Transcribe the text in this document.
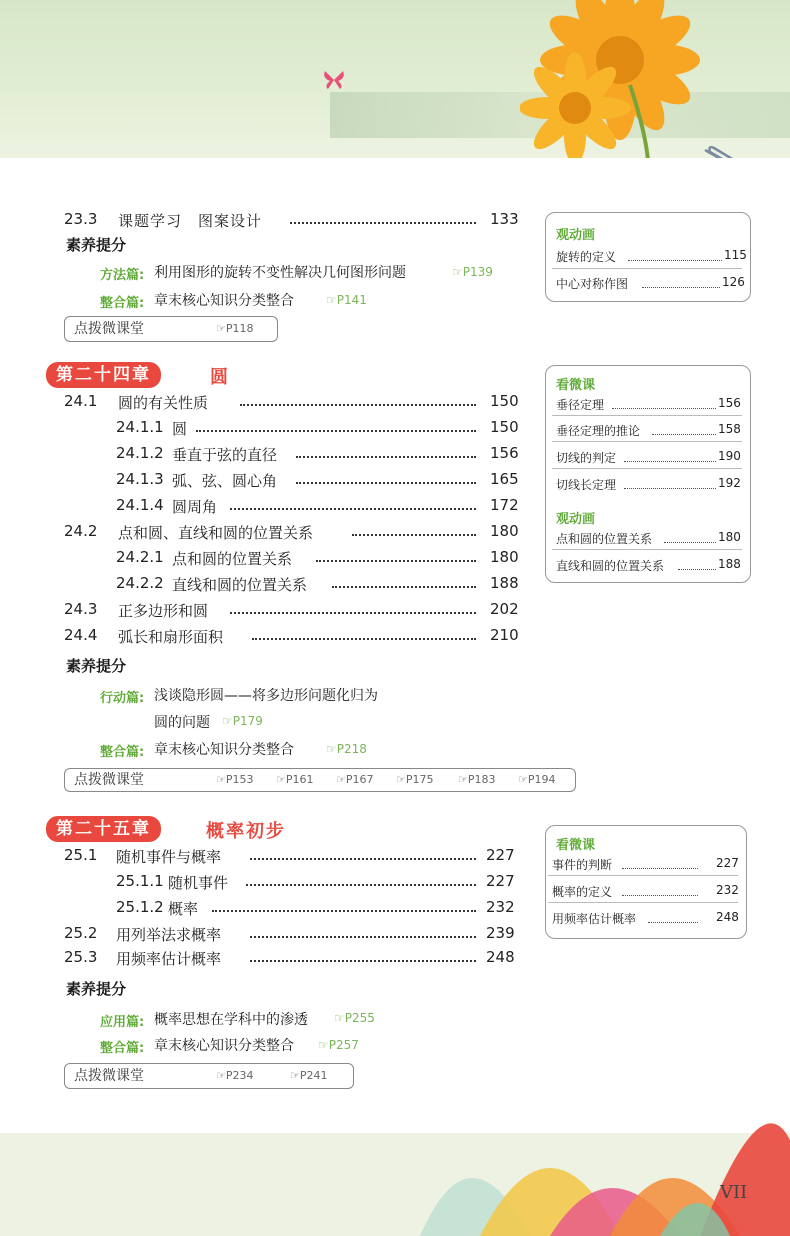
23.3 课题学习　图案设计	133
素养提分
方法篇: 利用图形的旋转不变性解决几何图形问题	☞P139
整合篇: 章末核心知识分类整合	☞P141
点拨微课堂	☞P118
观动画
旋转的定义	115
中心对称作图	126
第二十四章	圆
24.1 圆的有关性质	150
24.1.1 圆	150
24.1.2 垂直于弦的直径	156
24.1.3 弧、弦、圆心角	165
24.1.4 圆周角	172
24.2 点和圆、直线和圆的位置关系	180
24.2.1 点和圆的位置关系	180
24.2.2 直线和圆的位置关系	188
24.3 正多边形和圆	202
24.4 弧长和扇形面积	210
素养提分
行动篇: 浅谈隐形圆——将多边形问题化归为
圆的问题 ☞P179
整合篇: 章末核心知识分类整合	☞P218
点拨微课堂	☞P153 ☞P161 ☞P167 ☞P175 ☞P183 ☞P194
看微课
垂径定理	156
垂径定理的推论	158
切线的判定	190
切线长定理	192
观动画
点和圆的位置关系	180
直线和圆的位置关系	188
第二十五章	概率初步
25.1 随机事件与概率	227
25.1.1 随机事件	227
25.1.2 概率	232
25.2 用列举法求概率	239
25.3 用频率估计概率	248
素养提分
应用篇: 概率思想在学科中的渗透 ☞P255
整合篇: 章末核心知识分类整合 ☞P257
点拨微课堂	☞P234	☞P241
看微课
事件的判断	227
概率的定义	232
用频率估计概率	248
VII
